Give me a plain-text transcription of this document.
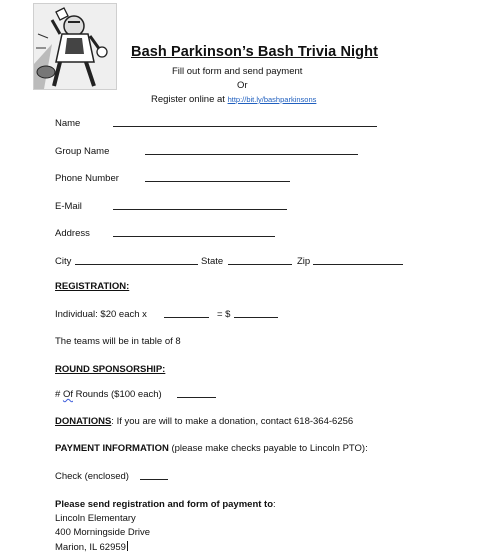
Bash Parkinson’s Bash Trivia Night
Fill out form and send payment
Or
Register online at http://bit.ly/bashparkinsons
Name
Group Name
Phone Number
E-Mail
Address
City	State	Zip
REGISTRATION:
Individual: $20 each x	= $
The teams will be in table of 8
ROUND SPONSORSHIP:
# Of Rounds ($100 each)
DONATIONS: If you are will to make a donation, contact 618-364-6256
PAYMENT INFORMATION (please make checks payable to Lincoln PTO):
Check (enclosed)
Please send registration and form of payment to:
Lincoln Elementary
400 Morningside Drive
Marion, IL 62959
